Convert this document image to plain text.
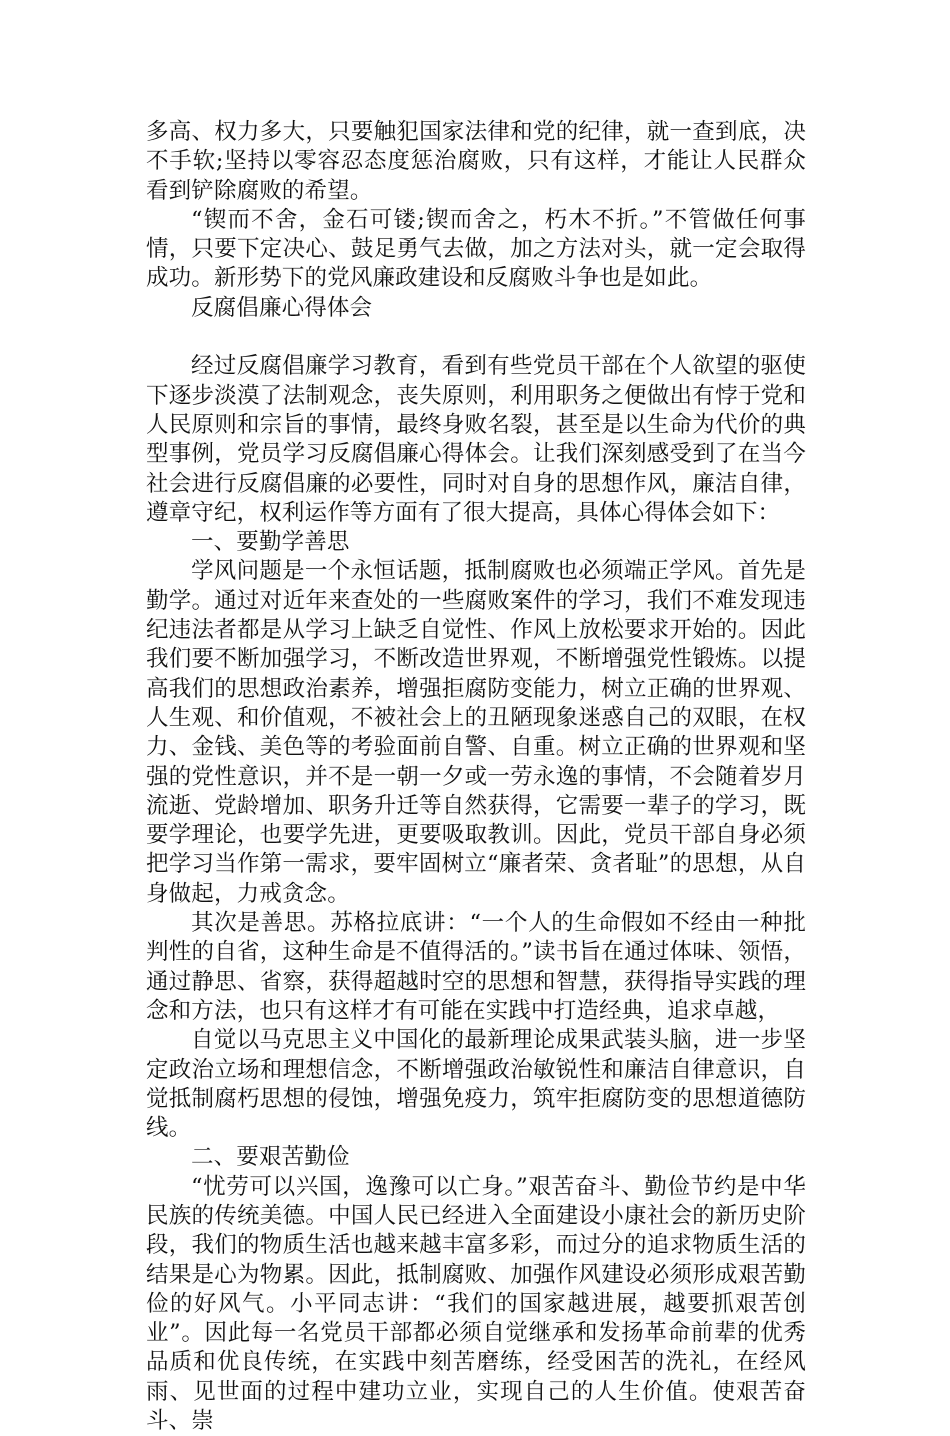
多高、权力多大，只要触犯国家法律和党的纪律，就一查到底，决不手软;坚持以零容忍态度惩治腐败，只有这样，才能让人民群众看到铲除腐败的希望。

“锲而不舍，金石可镂;锲而舍之，朽木不折。”不管做任何事情，只要下定决心、鼓足勇气去做，加之方法对头，就一定会取得成功。新形势下的党风廉政建设和反腐败斗争也是如此。

反腐倡廉心得体会

经过反腐倡廉学习教育，看到有些党员干部在个人欲望的驱使下逐步淡漠了法制观念，丧失原则，利用职务之便做出有悖于党和人民原则和宗旨的事情，最终身败名裂，甚至是以生命为代价的典型事例，党员学习反腐倡廉心得体会。让我们深刻感受到了在当今社会进行反腐倡廉的必要性，同时对自身的思想作风，廉洁自律，遵章守纪，权利运作等方面有了很大提高，具体心得体会如下：

一、要勤学善思

学风问题是一个永恒话题，抵制腐败也必须端正学风。首先是勤学。通过对近年来查处的一些腐败案件的学习，我们不难发现违纪违法者都是从学习上缺乏自觉性、作风上放松要求开始的。因此我们要不断加强学习，不断改造世界观，不断增强党性锻炼。以提高我们的思想政治素养，增强拒腐防变能力，树立正确的世界观、人生观、和价值观，不被社会上的丑陋现象迷惑自己的双眼，在权力、金钱、美色等的考验面前自警、自重。树立正确的世界观和坚强的党性意识，并不是一朝一夕或一劳永逸的事情，不会随着岁月流逝、党龄增加、职务升迁等自然获得，它需要一辈子的学习，既要学理论，也要学先进，更要吸取教训。因此，党员干部自身必须把学习当作第一需求，要牢固树立“廉者荣、贪者耻”的思想，从自身做起，力戒贪念。

其次是善思。苏格拉底讲：“一个人的生命假如不经由一种批判性的自省，这种生命是不值得活的。”读书旨在通过体味、领悟，通过静思、省察，获得超越时空的思想和智慧，获得指导实践的理念和方法，也只有这样才有可能在实践中打造经典，追求卓越，

自觉以马克思主义中国化的最新理论成果武装头脑，进一步坚定政治立场和理想信念，不断增强政治敏锐性和廉洁自律意识，自觉抵制腐朽思想的侵蚀，增强免疫力，筑牢拒腐防变的思想道德防线。

二、要艰苦勤俭

“忧劳可以兴国，逸豫可以亡身。”艰苦奋斗、勤俭节约是中华民族的传统美德。中国人民已经进入全面建设小康社会的新历史阶段，我们的物质生活也越来越丰富多彩，而过分的追求物质生活的结果是心为物累。因此，抵制腐败、加强作风建设必须形成艰苦勤俭的好风气。小平同志讲：“我们的国家越进展，越要抓艰苦创业”。因此每一名党员干部都必须自觉继承和发扬革命前辈的优秀品质和优良传统，在实践中刻苦磨练，经受困苦的洗礼，在经风雨、见世面的过程中建功立业，实现自己的人生价值。使艰苦奋斗、崇
